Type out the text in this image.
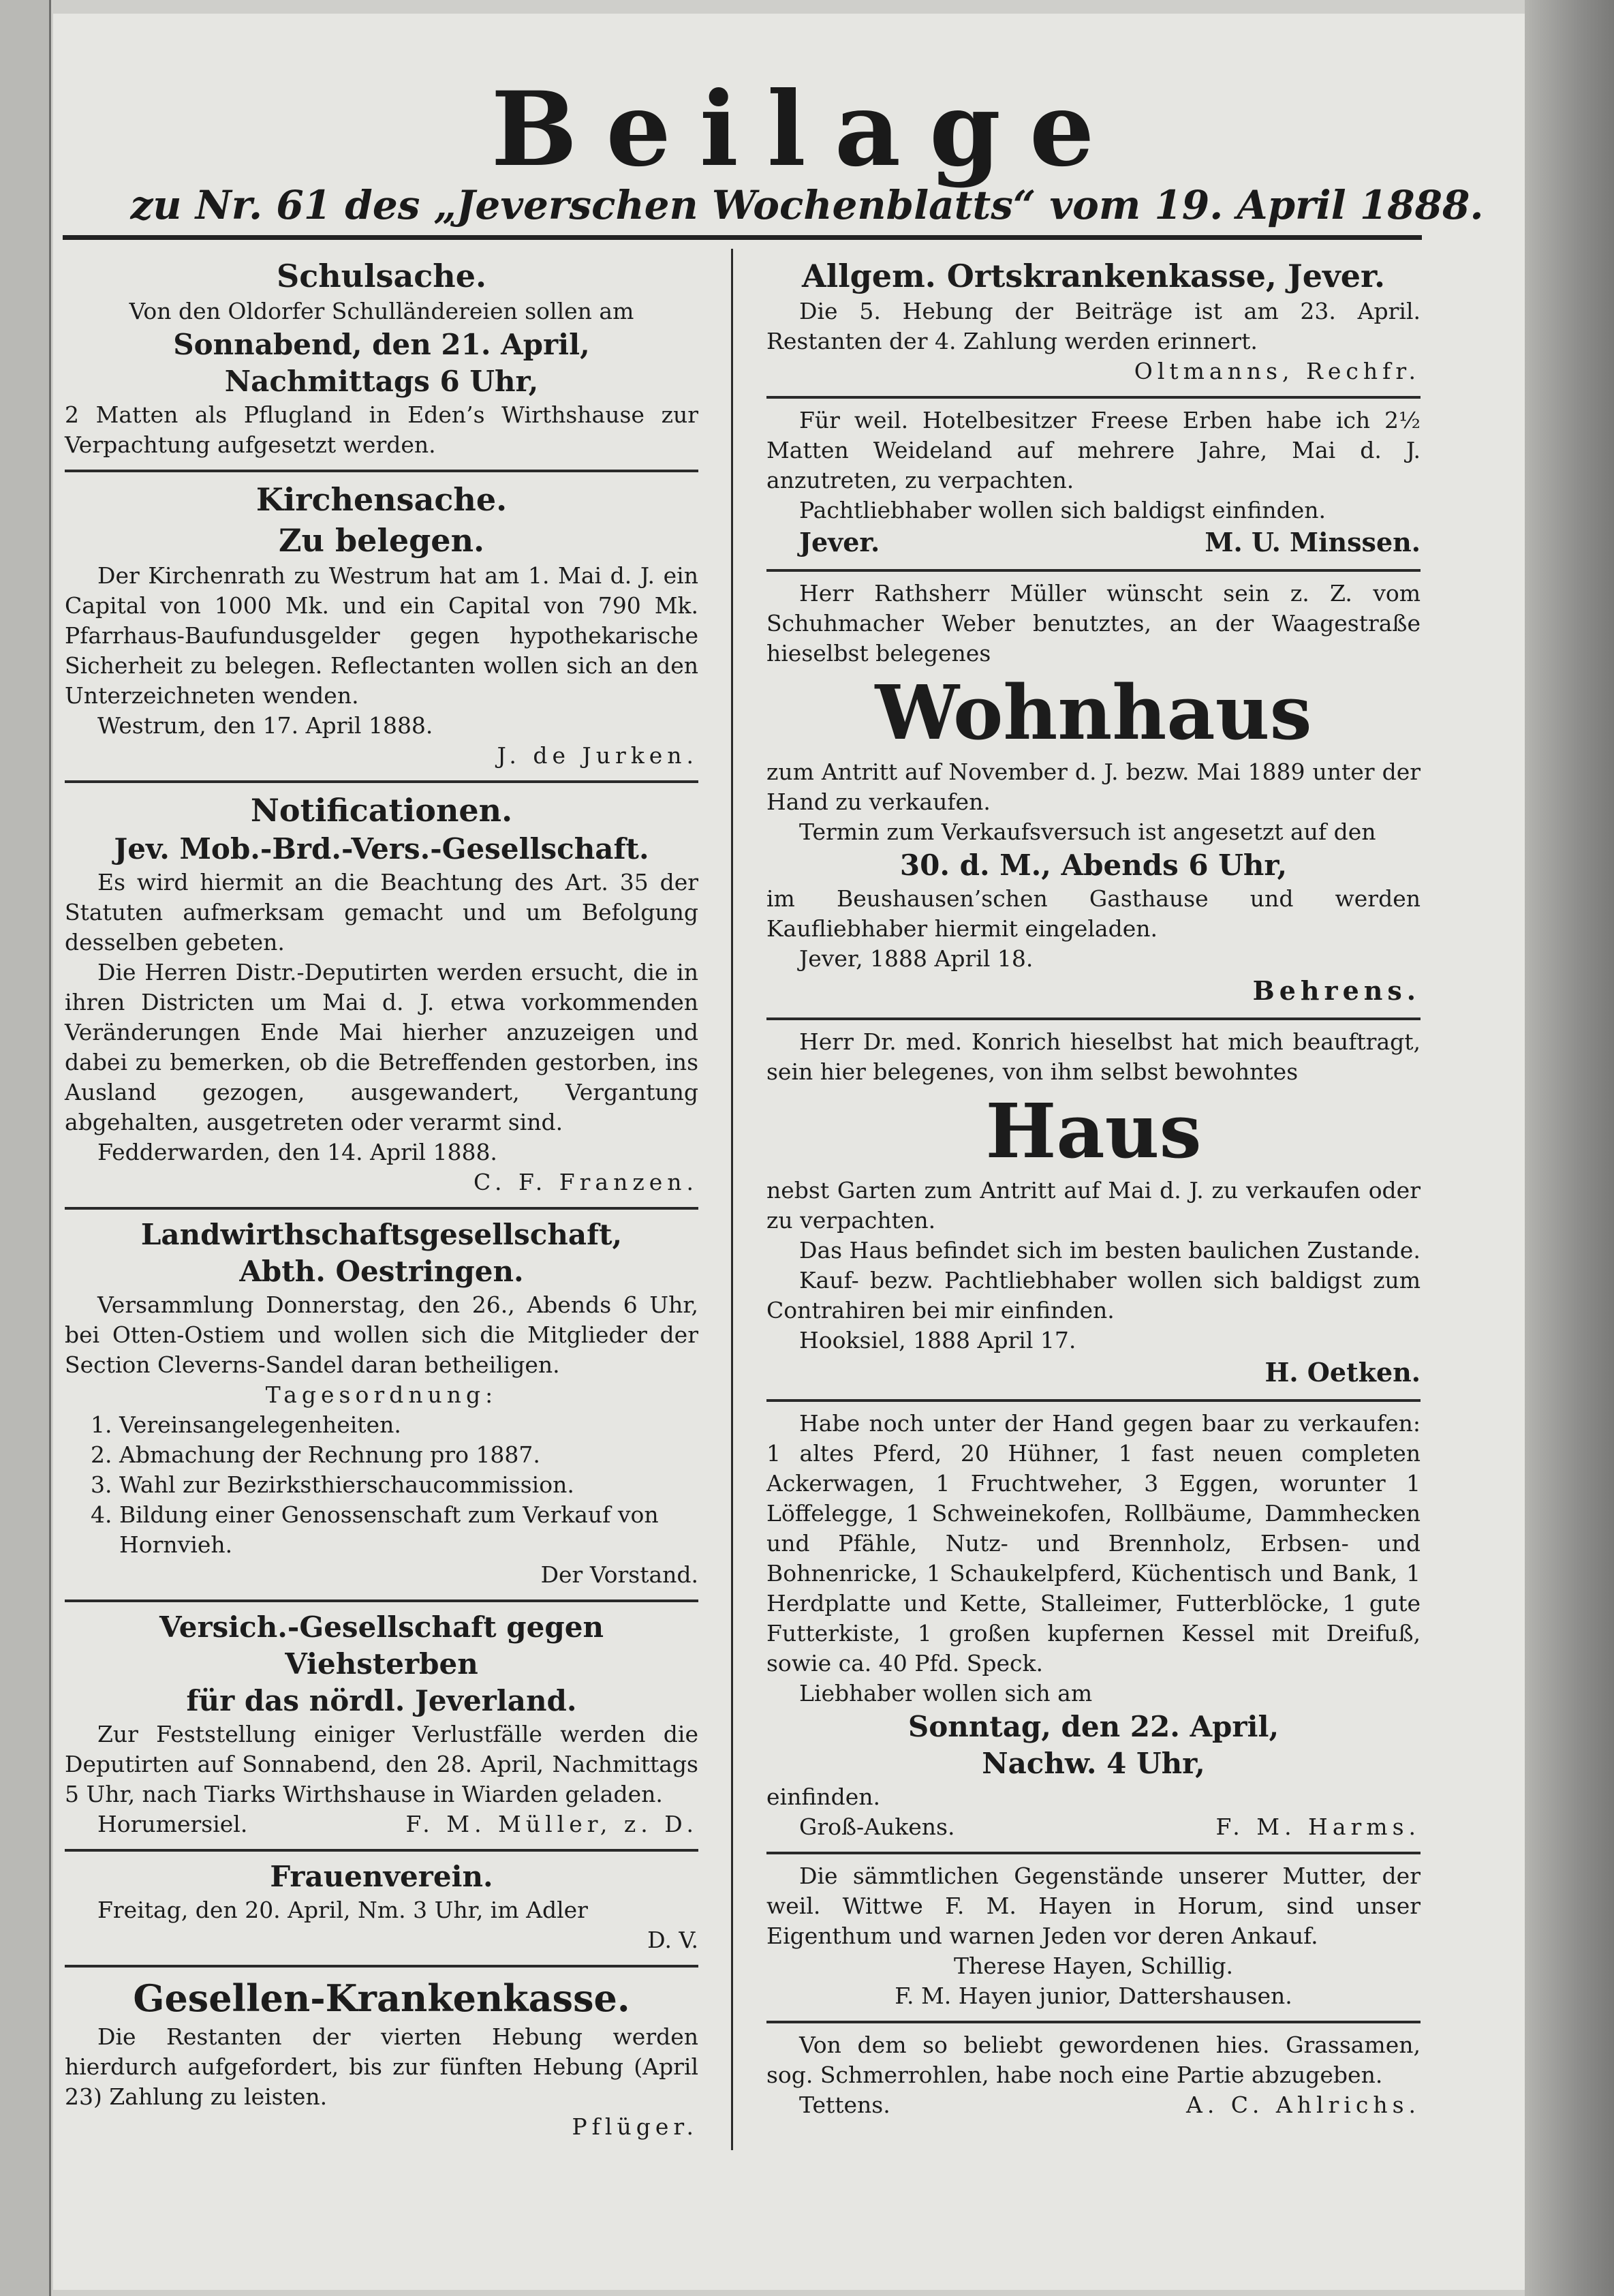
Beilage
zu Nr. 61 des „Jeverschen Wochenblatts“ vom 19. April 1888.
Schulsache.
Von den Oldorfer Schulländereien sollen am
Sonnabend, den 21. April,
Nachmittags 6 Uhr,
2 Matten als Pflugland in Eden’s Wirthshause zur Verpachtung aufgesetzt werden.
Kirchensache.
Zu belegen.
Der Kirchenrath zu Westrum hat am 1. Mai d. J. ein Capital von 1000 Mk. und ein Capital von 790 Mk. Pfarrhaus-Baufundusgelder gegen hypothekarische Sicherheit zu belegen. Reflectanten wollen sich an den Unterzeichneten wenden.
Westrum, den 17. April 1888.
J. de Jurken.
Notificationen.
Jev. Mob.-Brd.-Vers.-Gesellschaft.
Es wird hiermit an die Beachtung des Art. 35 der Statuten aufmerksam gemacht und um Befolgung desselben gebeten.
Die Herren Distr.-Deputirten werden ersucht, die in ihren Districten um Mai d. J. etwa vorkommenden Veränderungen Ende Mai hierher anzuzeigen und dabei zu bemerken, ob die Betreffenden gestorben, ins Ausland gezogen, ausgewandert, Vergantung abgehalten, ausgetreten oder verarmt sind.
Fedderwarden, den 14. April 1888.
C. F. Franzen.
Landwirthschaftsgesellschaft,
Abth. Oestringen.
Versammlung Donnerstag, den 26., Abends 6 Uhr, bei Otten-Ostiem und wollen sich die Mitglieder der Section Cleverns-Sandel daran betheiligen.
Tagesordnung:
1. Vereinsangelegenheiten.
2. Abmachung der Rechnung pro 1887.
3. Wahl zur Bezirksthierschaucommission.
4. Bildung einer Genossenschaft zum Verkauf von Hornvieh.
Der Vorstand.
Versich.-Gesellschaft gegen Viehsterben
für das nördl. Jeverland.
Zur Feststellung einiger Verlustfälle werden die Deputirten auf Sonnabend, den 28. April, Nachmittags 5 Uhr, nach Tiarks Wirthshause in Wiarden geladen.
Horumersiel.	F. M. Müller, z. D.
Frauenverein.
Freitag, den 20. April, Nm. 3 Uhr, im Adler
D. V.
Gesellen-Krankenkasse.
Die Restanten der vierten Hebung werden hierdurch aufgefordert, bis zur fünften Hebung (April 23) Zahlung zu leisten.
Pflüger.
Allgem. Ortskrankenkasse, Jever.
Die 5. Hebung der Beiträge ist am 23. April. Restanten der 4. Zahlung werden erinnert.
Oltmanns, Rechfr.
Für weil. Hotelbesitzer Freese Erben habe ich 2½ Matten Weideland auf mehrere Jahre, Mai d. J. anzutreten, zu verpachten.
Pachtliebhaber wollen sich baldigst einfinden.
Jever.	M. U. Minssen.
Herr Rathsherr Müller wünscht sein z. Z. vom Schuhmacher Weber benutztes, an der Waagestraße hieselbst belegenes
Wohnhaus
zum Antritt auf November d. J. bezw. Mai 1889 unter der Hand zu verkaufen.
Termin zum Verkaufsversuch ist angesetzt auf den
30. d. M., Abends 6 Uhr,
im Beushausen’schen Gasthause und werden Kaufliebhaber hiermit eingeladen.
Jever, 1888 April 18.
Behrens.
Herr Dr. med. Konrich hieselbst hat mich beauftragt, sein hier belegenes, von ihm selbst bewohntes
Haus
nebst Garten zum Antritt auf Mai d. J. zu verkaufen oder zu verpachten.
Das Haus befindet sich im besten baulichen Zustande.
Kauf- bezw. Pachtliebhaber wollen sich baldigst zum Contrahiren bei mir einfinden.
Hooksiel, 1888 April 17.
H. Oetken.
Habe noch unter der Hand gegen baar zu verkaufen: 1 altes Pferd, 20 Hühner, 1 fast neuen completen Ackerwagen, 1 Fruchtweher, 3 Eggen, worunter 1 Löffelegge, 1 Schweinekofen, Rollbäume, Dammhecken und Pfähle, Nutz- und Brennholz, Erbsen- und Bohnenricke, 1 Schaukelpferd, Küchentisch und Bank, 1 Herdplatte und Kette, Stalleimer, Futterblöcke, 1 gute Futterkiste, 1 großen kupfernen Kessel mit Dreifuß, sowie ca. 40 Pfd. Speck.
Liebhaber wollen sich am
Sonntag, den 22. April,
Nachw. 4 Uhr,
einfinden.
Groß-Aukens.	F. M. Harms.
Die sämmtlichen Gegenstände unserer Mutter, der weil. Wittwe F. M. Hayen in Horum, sind unser Eigenthum und warnen Jeden vor deren Ankauf.
Therese Hayen, Schillig.
F. M. Hayen junior, Dattershausen.
Von dem so beliebt gewordenen hies. Grassamen, sog. Schmerrohlen, habe noch eine Partie abzugeben.
Tettens.	A. C. Ahlrichs.
